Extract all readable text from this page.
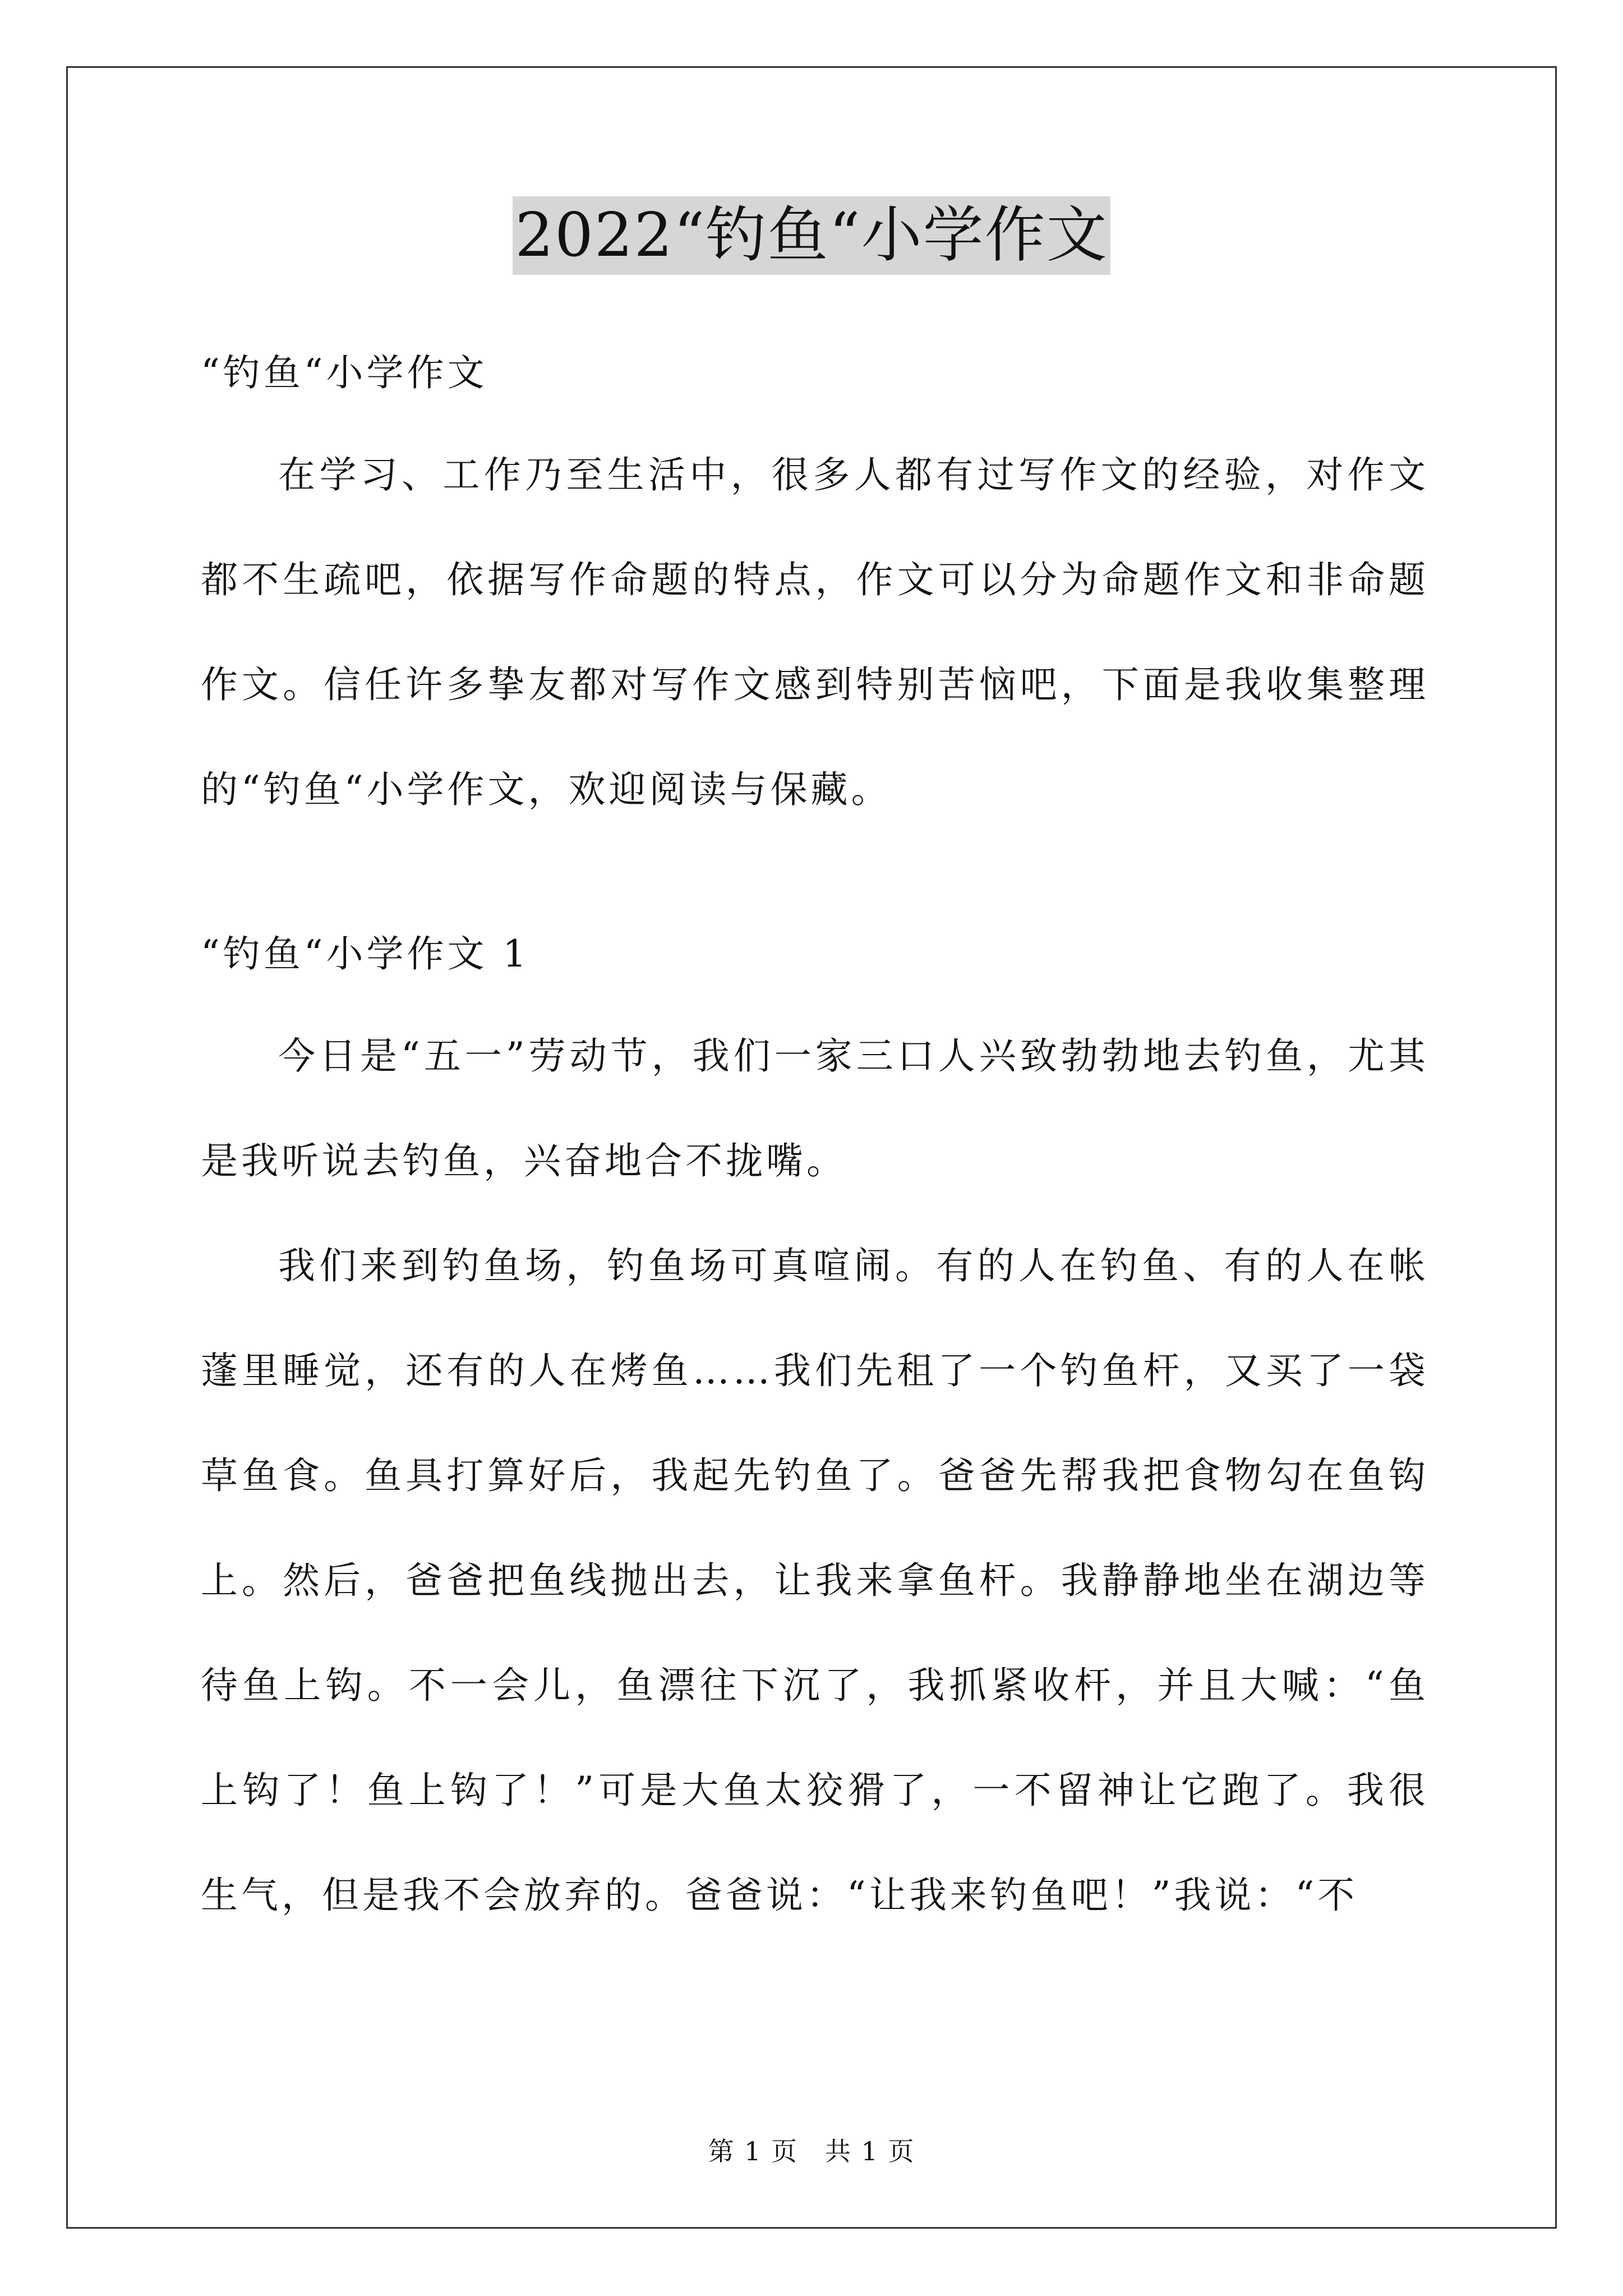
2022“钓鱼“小学作文

“钓鱼“小学作文

在学习、工作乃至生活中，很多人都有过写作文的经验，对作文都不生疏吧，依据写作命题的特点，作文可以分为命题作文和非命题作文。信任许多挚友都对写作文感到特别苦恼吧，下面是我收集整理的“钓鱼“小学作文，欢迎阅读与保藏。

“钓鱼“小学作文 1

今日是“五一”劳动节，我们一家三口人兴致勃勃地去钓鱼，尤其是我听说去钓鱼，兴奋地合不拢嘴。

我们来到钓鱼场，钓鱼场可真喧闹。有的人在钓鱼、有的人在帐蓬里睡觉，还有的人在烤鱼……我们先租了一个钓鱼杆，又买了一袋草鱼食。鱼具打算好后，我起先钓鱼了。爸爸先帮我把食物勾在鱼钩上。然后，爸爸把鱼线抛出去，让我来拿鱼杆。我静静地坐在湖边等待鱼上钩。不一会儿，鱼漂往下沉了，我抓紧收杆，并且大喊：“鱼上钩了！鱼上钩了！”可是大鱼太狡猾了，一不留神让它跑了。我很生气，但是我不会放弃的。爸爸说：“让我来钓鱼吧！”我说：“不

第 1 页　共 1 页
